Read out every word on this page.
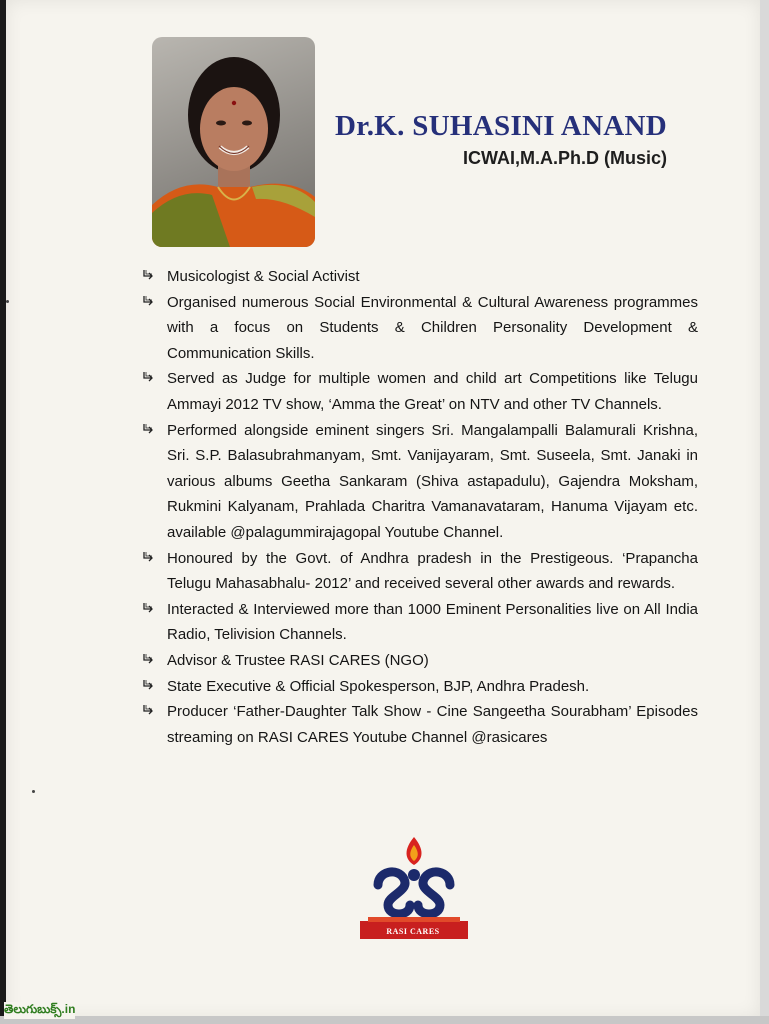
Dr.K. SUHASINI ANAND
ICWAI,M.A.Ph.D (Music)
Musicologist & Social Activist
Organised numerous Social Environmental & Cultural Awareness programmes with a focus on Students & Children Personality Development & Communication Skills.
Served as Judge for multiple women and child art Competitions like Telugu Ammayi 2012 TV show, ‘Amma the Great’ on NTV and other TV Channels.
Performed alongside eminent singers Sri. Mangalampalli Balamurali Krishna, Sri. S.P. Balasubrahmanyam, Smt. Vanijayaram, Smt. Suseela, Smt. Janaki in various albums Geetha Sankaram (Shiva astapadulu), Gajendra Moksham, Rukmini Kalyanam, Prahlada Charitra Vamanavataram, Hanuma Vijayam etc. available @palagummirajagopal Youtube Channel.
Honoured by the Govt. of Andhra pradesh in the Prestigeous. ‘Prapancha Telugu Mahasabhalu- 2012’ and received several other awards and rewards.
Interacted & Interviewed more than 1000 Eminent Personalities live on All India Radio, Telivision Channels.
Advisor & Trustee RASI CARES (NGO)
State Executive & Official Spokesperson, BJP, Andhra Pradesh.
Producer ‘Father-Daughter Talk Show - Cine Sangeetha Sourabham’ Episodes streaming on RASI CARES Youtube Channel @rasicares
RASI CARES
తెలుగుబుక్స్.in
